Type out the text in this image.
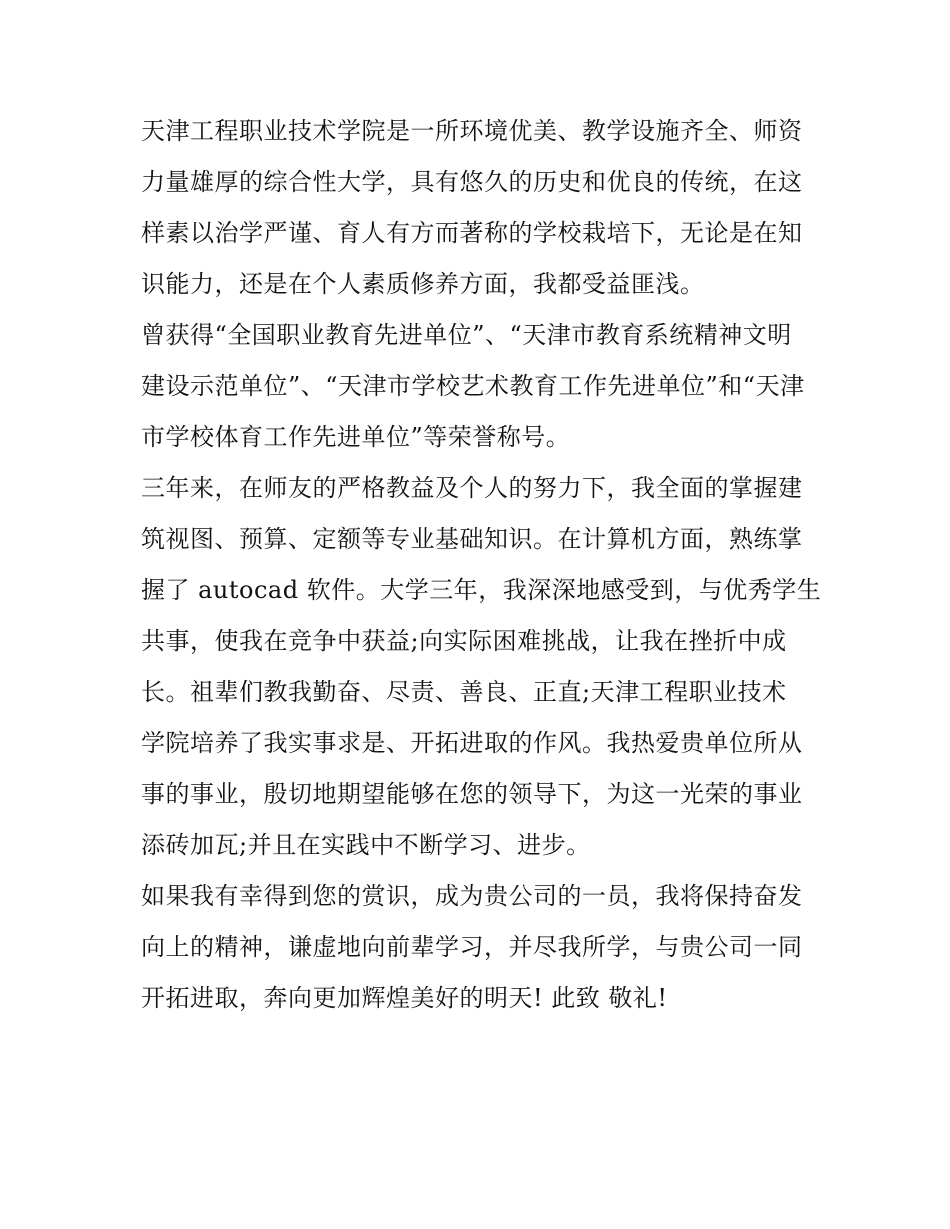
天津工程职业技术学院是一所环境优美、教学设施齐全、师资
力量雄厚的综合性大学，具有悠久的历史和优良的传统，在这
样素以治学严谨、育人有方而著称的学校栽培下，无论是在知
识能力，还是在个人素质修养方面，我都受益匪浅。
曾获得“全国职业教育先进单位”、“天津市教育系统精神文明
建设示范单位”、“天津市学校艺术教育工作先进单位”和“天津
市学校体育工作先进单位”等荣誉称号。
三年来，在师友的严格教益及个人的努力下，我全面的掌握建
筑视图、预算、定额等专业基础知识。在计算机方面，熟练掌
握了 autocad 软件。大学三年，我深深地感受到，与优秀学生
共事，使我在竞争中获益;向实际困难挑战，让我在挫折中成
长。祖辈们教我勤奋、尽责、善良、正直;天津工程职业技术
学院培养了我实事求是、开拓进取的作风。我热爱贵单位所从
事的事业，殷切地期望能够在您的领导下，为这一光荣的事业
添砖加瓦;并且在实践中不断学习、进步。
如果我有幸得到您的赏识，成为贵公司的一员，我将保持奋发
向上的精神，谦虚地向前辈学习，并尽我所学，与贵公司一同
开拓进取，奔向更加辉煌美好的明天! 此致 敬礼!
